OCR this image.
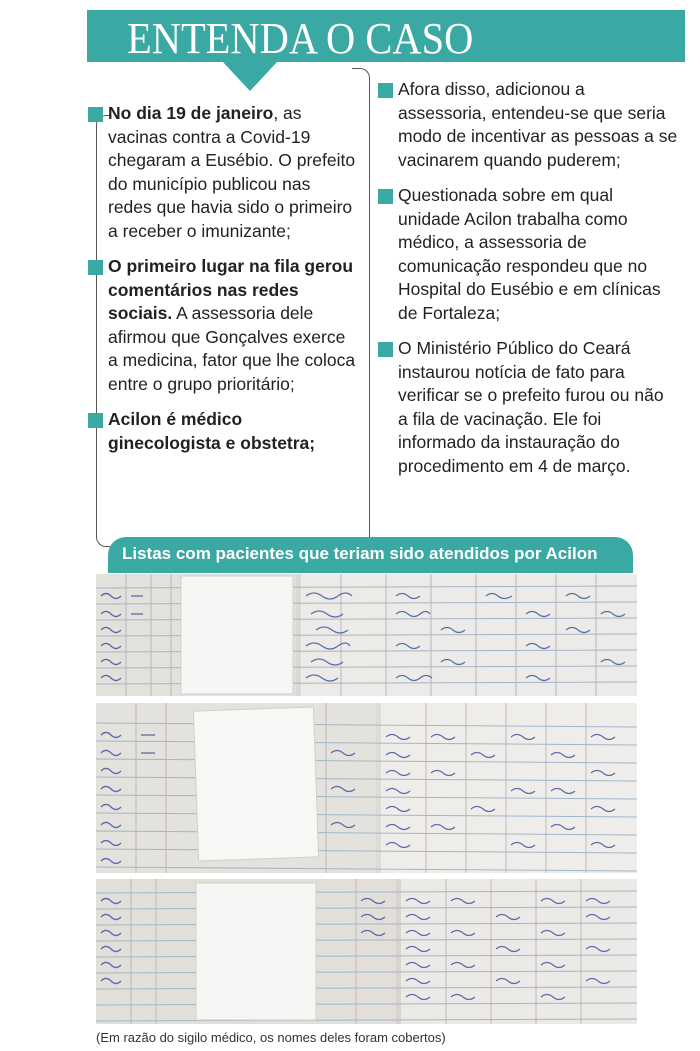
ENTENDA O CASO
No dia 19 de janeiro, as vacinas contra a Covid-19 chegaram a Eusébio. O prefeito do município publicou nas redes que havia sido o primeiro a receber o imunizante;
O primeiro lugar na fila gerou comentários nas redes sociais. A assessoria dele afirmou que Gonçalves exerce a medicina, fator que lhe coloca entre o grupo prioritário;
Acilon é médico ginecologista e obstetra;
Afora disso, adicionou a assessoria, entendeu-se que seria modo de incentivar as pessoas a se vacinarem quando puderem;
Questionada sobre em qual unidade Acilon trabalha como médico, a assessoria de comunicação respondeu que no Hospital do Eusébio e em clínicas de Fortaleza;
O Ministério Público do Ceará instaurou notícia de fato para verificar se o prefeito furou ou não a fila de vacinação. Ele foi informado da instauração do procedimento em 4 de março.
Listas com pacientes que teriam sido atendidos por Acilon
(Em razão do sigilo médico, os nomes deles foram cobertos)
